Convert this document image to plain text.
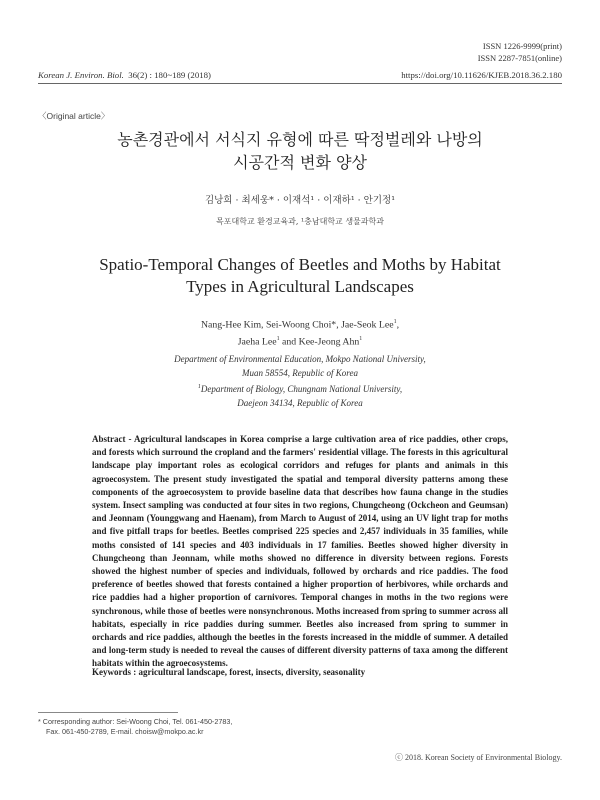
ISSN 1226-9999(print)
ISSN 2287-7851(online)
Korean J. Environ. Biol. 36(2) : 180~189 (2018)	https://doi.org/10.11626/KJEB.2018.36.2.180
〈Original article〉
농촌경관에서 서식지 유형에 따른 딱정벌레와 나방의
시공간적 변화 양상
김낭희 · 최세웅* · 이재석¹ · 이재하¹ · 안기정¹
목포대학교 환경교육과, ¹충남대학교 생물과학과
Spatio-Temporal Changes of Beetles and Moths by Habitat
Types in Agricultural Landscapes
Nang-Hee Kim, Sei-Woong Choi*, Jae-Seok Lee$^1$,
Jaeha Lee$^1$ and Kee-Jeong Ahn$^1$
Department of Environmental Education, Mokpo National University,
Muan 58554, Republic of Korea
$^1$Department of Biology, Chungnam National University,
Daejeon 34134, Republic of Korea
Abstract - Agricultural landscapes in Korea comprise a large cultivation area of rice paddies, other crops, and forests which surround the cropland and the farmers' residential village. The forests in this agricultural landscape play important roles as ecological corridors and refuges for plants and animals in this agroecosystem. The present study investigated the spatial and temporal diversity patterns among these components of the agroecosystem to provide baseline data that describes how fauna change in the studies system. Insect sampling was conducted at four sites in two regions, Chungcheong (Ockcheon and Geumsan) and Jeonnam (Younggwang and Haenam), from March to August of 2014, using an UV light trap for moths and five pitfall traps for beetles. Beetles comprised 225 species and 2,457 individuals in 35 families, while moths consisted of 141 species and 403 individuals in 17 families. Beetles showed higher diversity in Chungcheong than Jeonnam, while moths showed no difference in diversity between regions. Forests showed the highest number of species and individuals, followed by orchards and rice paddies. The food preference of beetles showed that forests contained a higher proportion of herbivores, while orchards and rice paddies had a higher proportion of carnivores. Temporal changes in moths in the two regions were synchronous, while those of beetles were nonsynchronous. Moths increased from spring to summer across all habitats, especially in rice paddies during summer. Beetles also increased from spring to summer in orchards and rice paddies, although the beetles in the forests increased in the middle of summer. A detailed and long-term study is needed to reveal the causes of different diversity patterns of taxa among the different habitats within the agroecosystems.
Keywords : agricultural landscape, forest, insects, diversity, seasonality
* Corresponding author: Sei-Woong Choi, Tel. 061-450-2783,
Fax. 061-450-2789, E-mail. choisw@mokpo.ac.kr
ⓒ 2018. Korean Society of Environmental Biology.
